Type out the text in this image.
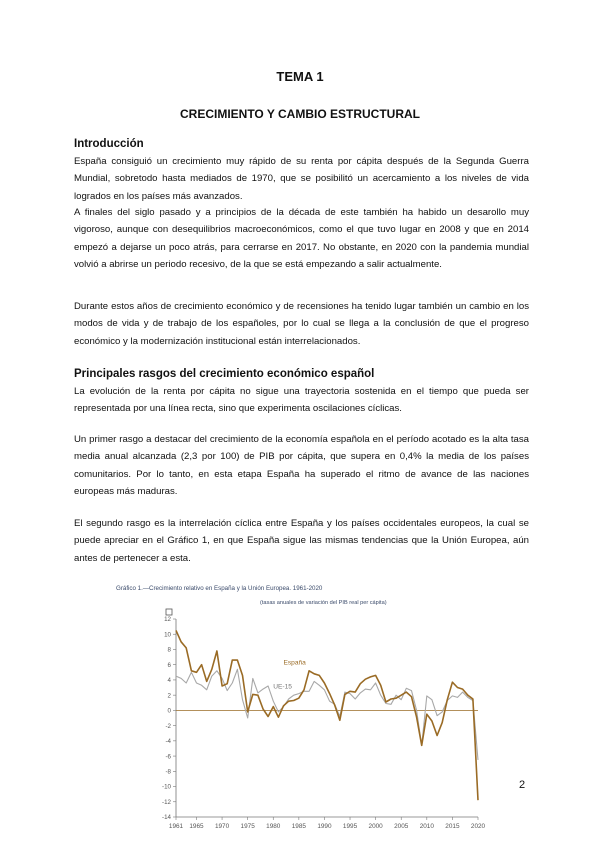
TEMA 1
CRECIMIENTO Y CAMBIO ESTRUCTURAL
Introducción
España consiguió un crecimiento muy rápido de su renta por cápita después de la Segunda Guerra Mundial, sobretodo hasta mediados de 1970, que se posibilitó un acercamiento a los niveles de vida logrados en los países más avanzados.
A finales del siglo pasado y a principios de la década de este también ha habido un desarollo muy vigoroso, aunque con desequilibrios macroeconómicos, como el que tuvo lugar en 2008 y que en 2014 empezó a dejarse un poco atrás, para cerrarse en 2017. No obstante, en 2020 con la pandemia mundial volvió a abrirse un periodo recesivo, de la que se está empezando a salir actualmente.
Durante estos años de crecimiento económico y de recensiones ha tenido lugar también un cambio en los modos de vida y de trabajo de los españoles, por lo cual se llega a la conclusión de que el progreso económico y la modernización institucional están interrelacionados.
Principales rasgos del crecimiento económico español
La evolución de la renta por cápita no sigue una trayectoria sostenida en el tiempo que pueda ser representada por una línea recta, sino que experimenta oscilaciones cíclicas.
Un primer rasgo a destacar del crecimiento de la economía española en el período acotado es la alta tasa media anual alcanzada (2,3 por 100) de PIB por cápita, que supera en 0,4% la media de los países comunitarios. Por lo tanto, en esta etapa España ha superado el ritmo de avance de las naciones europeas más maduras.
El segundo rasgo es la interrelación cíclica entre España y los países occidentales europeos, la cual se puede apreciar en el Gráfico 1, en que España sigue las mismas tendencias que la Unión Europea, aún antes de pertenecer a esta.
Gráfico 1.—Crecimiento relativo en España y la Unión Europea. 1961-2020
(tasas anuales de variación del PIB real per cápita)
12
10
8
6
4
2
0
-2
-4
-6
-8
-10
-12
-14
1961 1965 1970 1975 1980 1985 1990 1995 2000 2005 2010 2015 2020
España
UE-15
2
